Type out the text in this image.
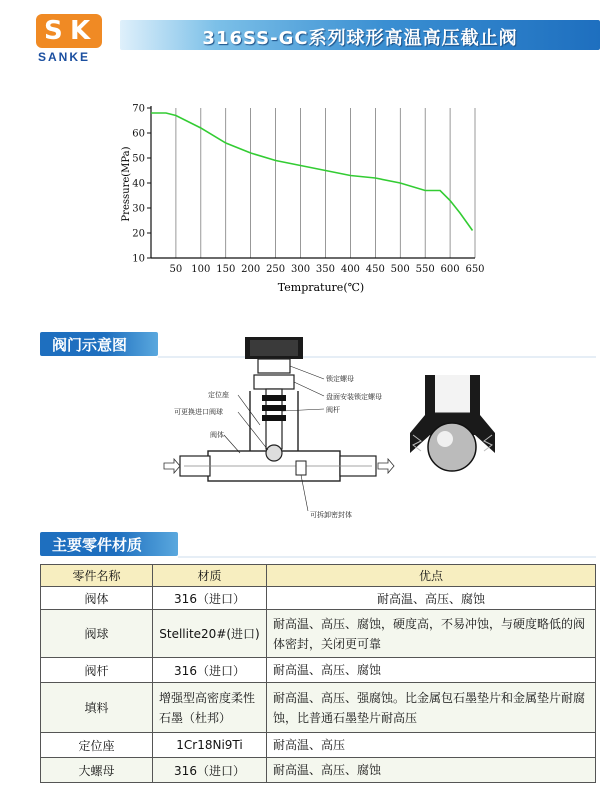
S K
SANKE
316SS-GC系列球形高温高压截止阀
50 100 150 200 250 300 350 400 450 500 550 600 650
10
20
30
40
50
60
70
Temprature(℃)
Pressure(MPa)
阀门示意图
锁定螺母
盘面安装锁定螺母
阀杆
定位座
可更换进口阀球
阀体
可拆卸密封体
主要零件材质
零件名称	材质	优点
阀体	316（进口）	耐高温、高压、腐蚀
阀球	Stellite20#(进口)	耐高温、高压、腐蚀，硬度高，不易冲蚀，与硬度略低的阀体密封，关闭更可靠
阀杆	316（进口）	耐高温、高压、腐蚀
填料	增强型高密度柔性石墨（杜邦）	耐高温、高压、强腐蚀。比金属包石墨垫片和金属垫片耐腐蚀，比普通石墨垫片耐高压
定位座	1Cr18Ni9Ti	耐高温、高压
大螺母	316（进口）	耐高温、高压、腐蚀
